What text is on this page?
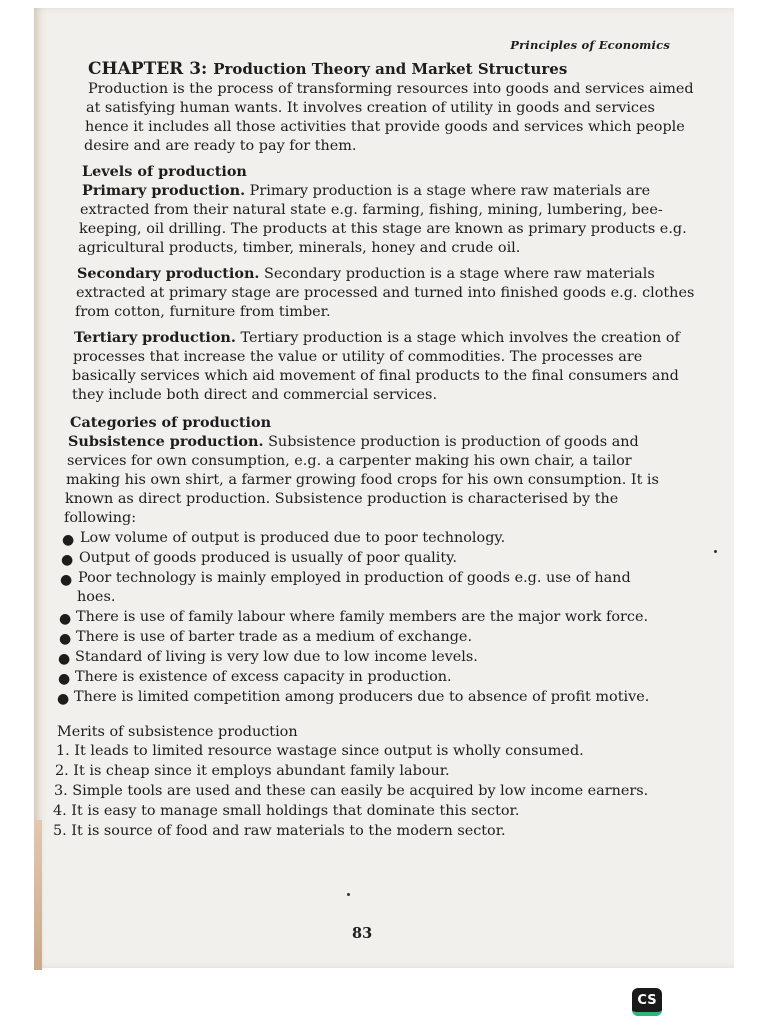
Principles of Economics
CHAPTER 3: Production Theory and Market Structures
Production is the process of transforming resources into goods and services aimed
at satisfying human wants. It involves creation of utility in goods and services
hence it includes all those activities that provide goods and services which people
desire and are ready to pay for them.
Levels of production
Primary production. Primary production is a stage where raw materials are
extracted from their natural state e.g. farming, fishing, mining, lumbering, bee-
keeping, oil drilling. The products at this stage are known as primary products e.g.
agricultural products, timber, minerals, honey and crude oil.
Secondary production. Secondary production is a stage where raw materials
extracted at primary stage are processed and turned into finished goods e.g. clothes
from cotton, furniture from timber.
Tertiary production. Tertiary production is a stage which involves the creation of
processes that increase the value or utility of commodities. The processes are
basically services which aid movement of final products to the final consumers and
they include both direct and commercial services.
Categories of production
Subsistence production. Subsistence production is production of goods and
services for own consumption, e.g. a carpenter making his own chair, a tailor
making his own shirt, a farmer growing food crops for his own consumption. It is
known as direct production. Subsistence production is characterised by the
following:
● Low volume of output is produced due to poor technology.
● Output of goods produced is usually of poor quality.
● Poor technology is mainly employed in production of goods e.g. use of hand
hoes.
● There is use of family labour where family members are the major work force.
● There is use of barter trade as a medium of exchange.
● Standard of living is very low due to low income levels.
● There is existence of excess capacity in production.
● There is limited competition among producers due to absence of profit motive.
Merits of subsistence production
1. It leads to limited resource wastage since output is wholly consumed.
2. It is cheap since it employs abundant family labour.
3. Simple tools are used and these can easily be acquired by low income earners.
4. It is easy to manage small holdings that dominate this sector.
5. It is source of food and raw materials to the modern sector.
83
CS
